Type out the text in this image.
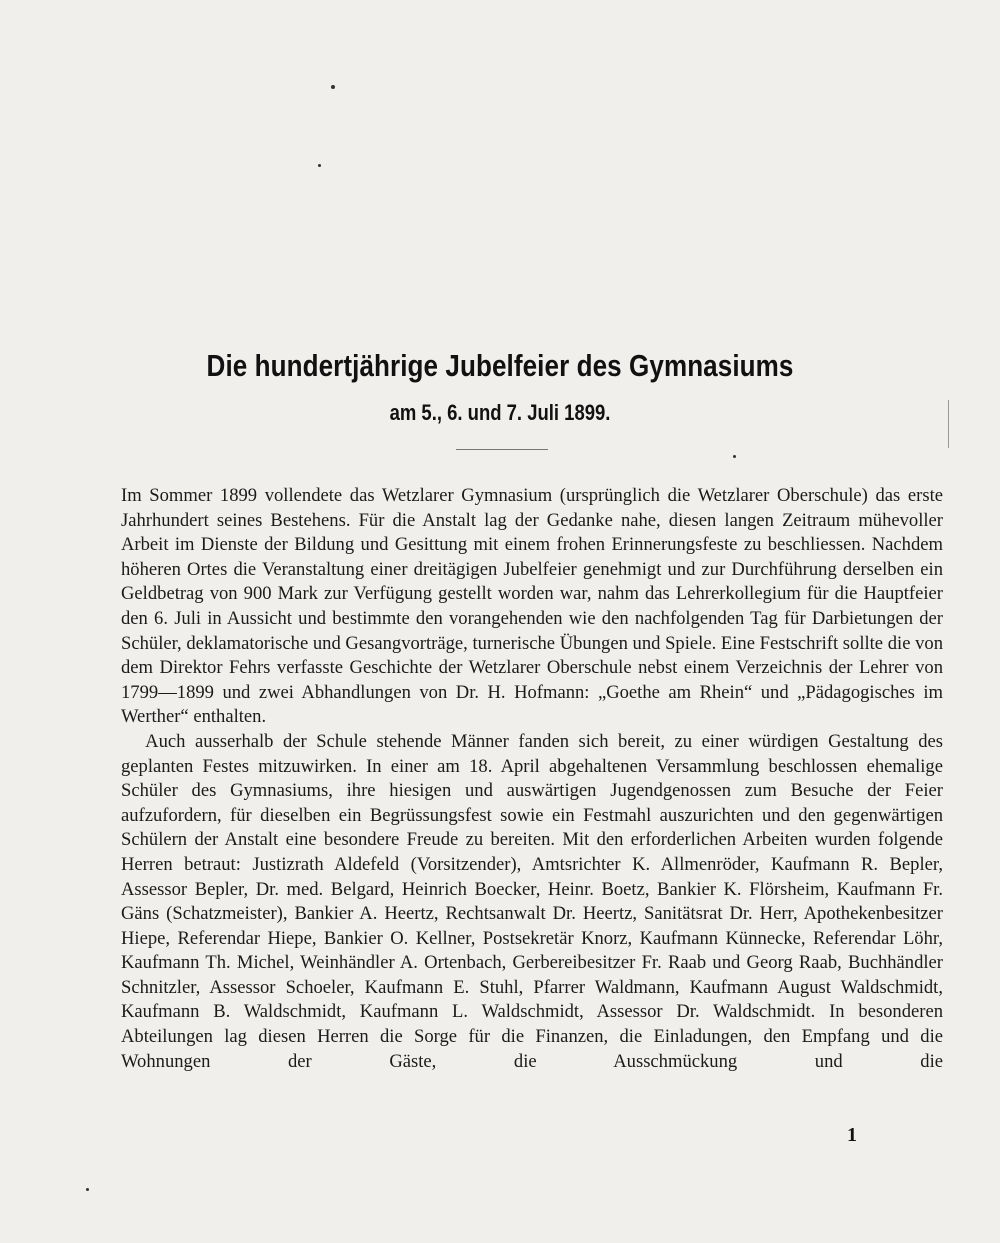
Die hundertjährige Jubelfeier des Gymnasiums
am 5., 6. und 7. Juli 1899.

Im Sommer 1899 vollendete das Wetzlarer Gymnasium (ursprünglich die Wetzlarer Oberschule) das erste Jahrhundert seines Bestehens. Für die Anstalt lag der Gedanke nahe, diesen langen Zeitraum mühevoller Arbeit im Dienste der Bildung und Gesittung mit einem frohen Erinnerungsfeste zu beschliessen. Nachdem höheren Ortes die Veranstaltung einer dreitägigen Jubelfeier genehmigt und zur Durchführung derselben ein Geldbetrag von 900 Mark zur Verfügung gestellt worden war, nahm das Lehrerkollegium für die Hauptfeier den 6. Juli in Aussicht und bestimmte den vorangehenden wie den nachfolgenden Tag für Darbietungen der Schüler, deklamatorische und Gesangvorträge, turnerische Übungen und Spiele. Eine Festschrift sollte die von dem Direktor Fehrs verfasste Geschichte der Wetzlarer Oberschule nebst einem Verzeichnis der Lehrer von 1799—1899 und zwei Abhandlungen von Dr. H. Hofmann: „Goethe am Rhein“ und „Pädagogisches im Werther“ enthalten.

Auch ausserhalb der Schule stehende Männer fanden sich bereit, zu einer würdigen Gestaltung des geplanten Festes mitzuwirken. In einer am 18. April abgehaltenen Versammlung beschlossen ehemalige Schüler des Gymnasiums, ihre hiesigen und auswärtigen Jugendgenossen zum Besuche der Feier aufzufordern, für dieselben ein Begrüssungsfest sowie ein Festmahl auszurichten und den gegenwärtigen Schülern der Anstalt eine besondere Freude zu bereiten. Mit den erforderlichen Arbeiten wurden folgende Herren betraut: Justizrath Aldefeld (Vorsitzender), Amtsrichter K. Allmenröder, Kaufmann R. Bepler, Assessor Bepler, Dr. med. Belgard, Heinrich Boecker, Heinr. Boetz, Bankier K. Flörsheim, Kaufmann Fr. Gäns (Schatzmeister), Bankier A. Heertz, Rechtsanwalt Dr. Heertz, Sanitätsrat Dr. Herr, Apothekenbesitzer Hiepe, Referendar Hiepe, Bankier O. Kellner, Postsekretär Knorz, Kaufmann Künnecke, Referendar Löhr, Kaufmann Th. Michel, Weinhändler A. Ortenbach, Gerbereibesitzer Fr. Raab und Georg Raab, Buchhändler Schnitzler, Assessor Schoeler, Kaufmann E. Stuhl, Pfarrer Waldmann, Kaufmann August Waldschmidt, Kaufmann B. Waldschmidt, Kaufmann L. Waldschmidt, Assessor Dr. Waldschmidt. In besonderen Abteilungen lag diesen Herren die Sorge für die Finanzen, die Einladungen, den Empfang und die Wohnungen der Gäste, die Ausschmückung und die

1
